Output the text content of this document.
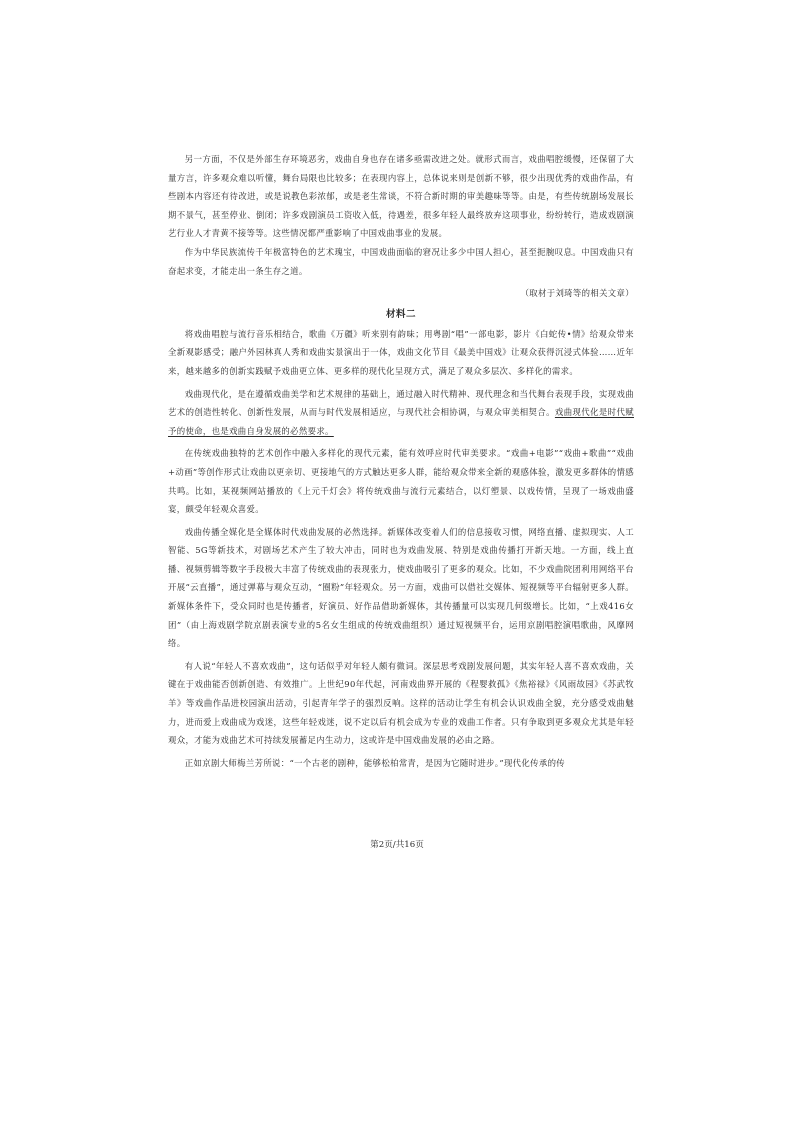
另一方面，不仅是外部生存环境恶劣，戏曲自身也存在诸多亟需改进之处。就形式而言，戏曲唱腔缓慢，还保留了大量方言，许多观众难以听懂，舞台局限也比较多；在表现内容上，总体说来则是创新不够，很少出现优秀的戏曲作品，有些剧本内容还有待改进，或是说教色彩浓郁，或是老生常谈，不符合新时期的审美趣味等等。由是，有些传统剧场发展长期不景气，甚至停业、倒闭；许多戏剧演员工资收入低，待遇差，很多年轻人最终放弃这项事业，纷纷转行，造成戏剧演艺行业人才青黄不接等等。这些情况都严重影响了中国戏曲事业的发展。

作为中华民族流传千年极富特色的艺术瑰宝，中国戏曲面临的窘况让多少中国人担心，甚至扼腕叹息。中国戏曲只有奋起求变，才能走出一条生存之道。

（取材于刘琦等的相关文章）

材料二

将戏曲唱腔与流行音乐相结合，歌曲《万疆》听来别有韵味；用粤剧“唱”一部电影，影片《白蛇传•情》给观众带来全新观影感受；融户外园林真人秀和戏曲实景演出于一体，戏曲文化节目《最美中国戏》让观众获得沉浸式体验……近年来，越来越多的创新实践赋予戏曲更立体、更多样的现代化呈现方式，满足了观众多层次、多样化的需求。

戏曲现代化，是在遵循戏曲美学和艺术规律的基础上，通过融入时代精神、现代理念和当代舞台表现手段，实现戏曲艺术的创造性转化、创新性发展，从而与时代发展相适应，与现代社会相协调，与观众审美相契合。戏曲现代化是时代赋予的使命，也是戏曲自身发展的必然要求。

在传统戏曲独特的艺术创作中融入多样化的现代元素，能有效呼应时代审美要求。“戏曲+电影”“戏曲+歌曲”“戏曲+动画”等创作形式让戏曲以更亲切、更接地气的方式触达更多人群，能给观众带来全新的观感体验，激发更多群体的情感共鸣。比如，某视频网站播放的《上元千灯会》将传统戏曲与流行元素结合，以灯塑景、以戏传情，呈现了一场戏曲盛宴，颇受年轻观众喜爱。

戏曲传播全媒化是全媒体时代戏曲发展的必然选择。新媒体改变着人们的信息接收习惯，网络直播、虚拟现实、人工智能、5G等新技术，对剧场艺术产生了较大冲击，同时也为戏曲发展、特别是戏曲传播打开新天地。一方面，线上直播、视频剪辑等数字手段极大丰富了传统戏曲的表现张力，使戏曲吸引了更多的观众。比如，不少戏曲院团利用网络平台开展“云直播”，通过弹幕与观众互动，“圈粉”年轻观众。另一方面，戏曲可以借社交媒体、短视频等平台辐射更多人群。新媒体条件下，受众同时也是传播者，好演员、好作品借助新媒体，其传播量可以实现几何级增长。比如，“上戏416女团”（由上海戏剧学院京剧表演专业的5名女生组成的传统戏曲组织）通过短视频平台，运用京剧唱腔演唱歌曲，风靡网络。

有人说“年轻人不喜欢戏曲”，这句话似乎对年轻人颇有微词。深层思考戏剧发展问题，其实年轻人喜不喜欢戏曲，关键在于戏曲能否创新创造、有效推广。上世纪90年代起，河南戏曲界开展的《程婴救孤》《焦裕禄》《风雨故园》《苏武牧羊》等戏曲作品进校园演出活动，引起青年学子的强烈反响。这样的活动让学生有机会认识戏曲全貌，充分感受戏曲魅力，进而爱上戏曲成为戏迷，这些年轻戏迷，说不定以后有机会成为专业的戏曲工作者。只有争取到更多观众尤其是年轻观众，才能为戏曲艺术可持续发展蓄足内生动力，这或许是中国戏曲发展的必由之路。

正如京剧大师梅兰芳所说：“一个古老的剧种，能够松柏常青，是因为它随时进步。”现代化传承的传

第2页/共16页
